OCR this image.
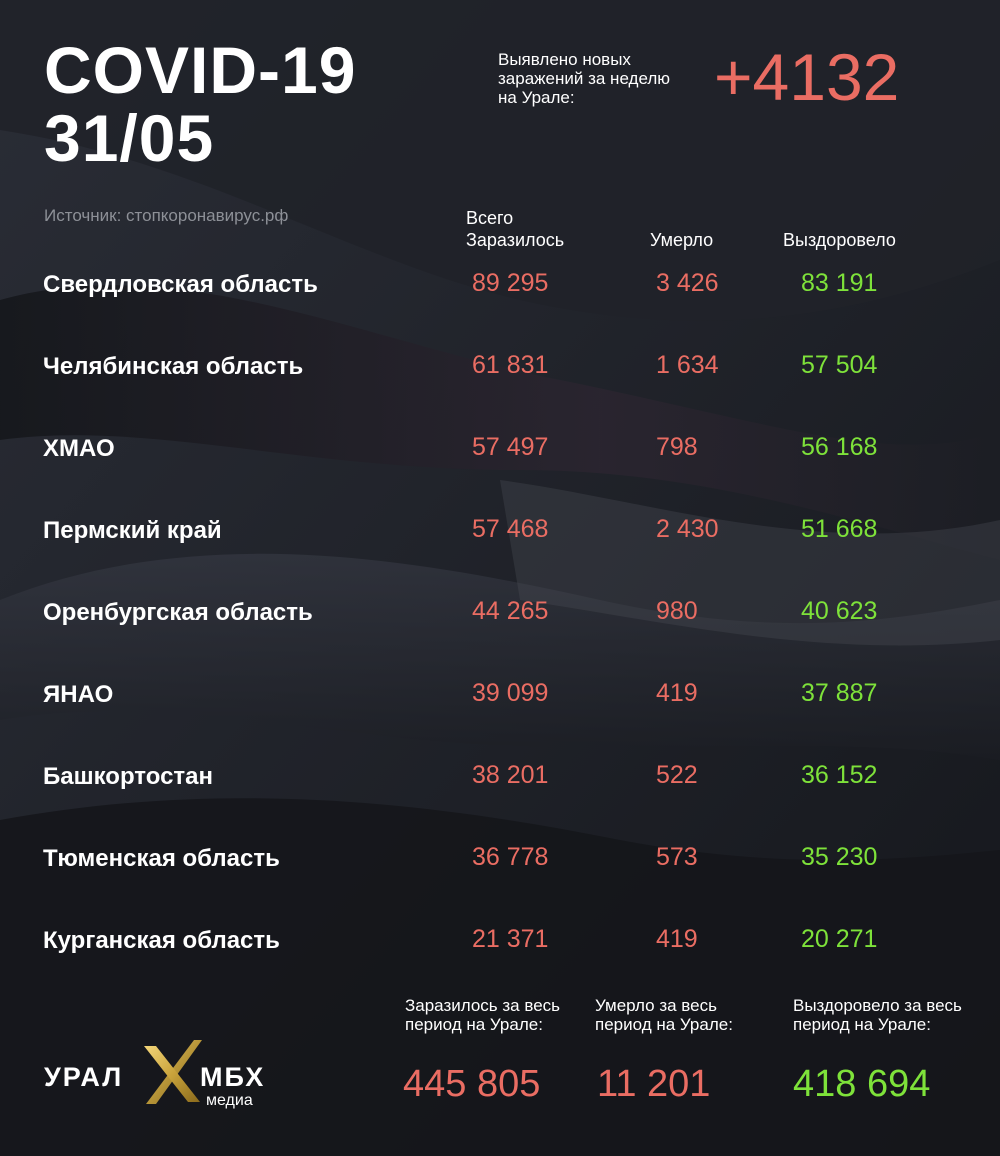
COVID-19
31/05
Выявлено новых заражений за неделю на Урале:	+4132
Источник: стопкоронавирус.рф	Всего Заразилось	Умерло	Выздоровело
Свердловская область	89 295	3 426	83 191
Челябинская область	61 831	1 634	57 504
ХМАО	57 497	798	56 168
Пермский край	57 468	2 430	51 668
Оренбургская область	44 265	980	40 623
ЯНАО	39 099	419	37 887
Башкортостан	38 201	522	36 152
Тюменская область	36 778	573	35 230
Курганская область	21 371	419	20 271
Заразилось за весь период на Урале:
445 805
Умерло за весь период на Урале:
11 201
Выздоровело за весь период на Урале:
418 694
УРАЛ	МБХ
медиа
